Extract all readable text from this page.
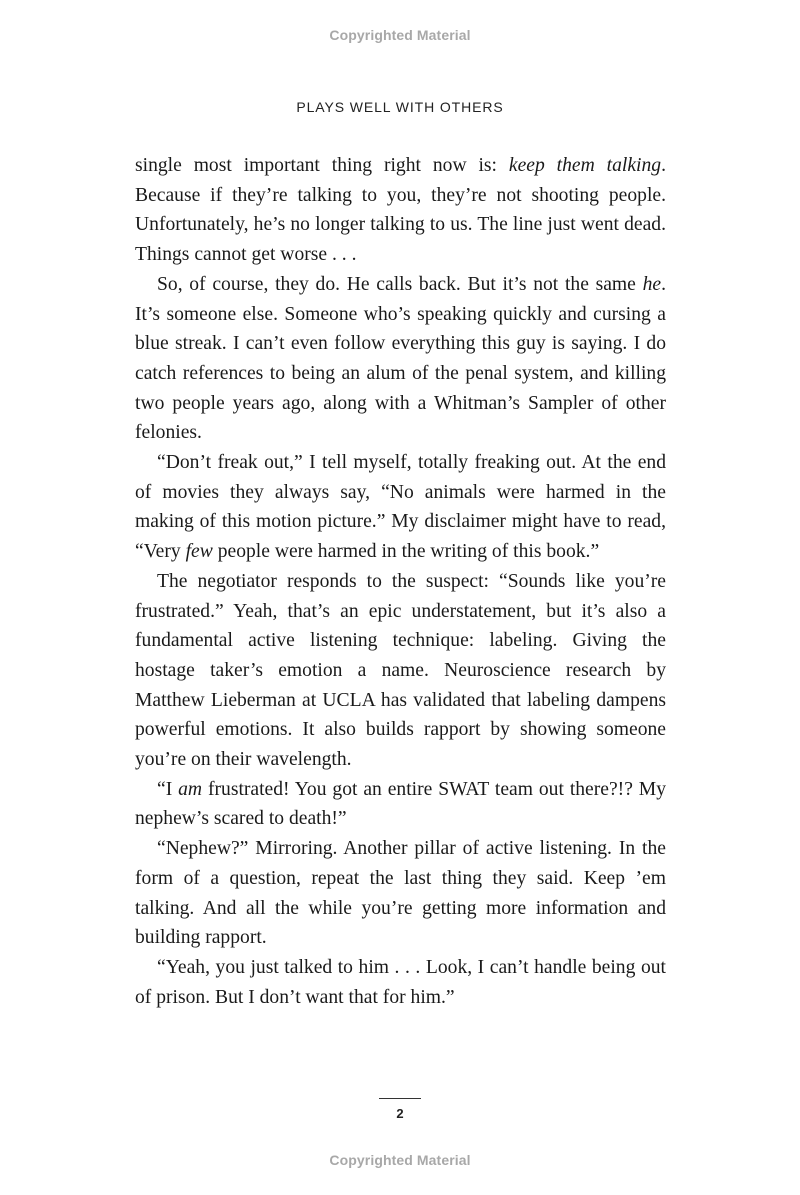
Copyrighted Material
PLAYS WELL WITH OTHERS

single most important thing right now is: keep them talking. Because if they’re talking to you, they’re not shooting people. Unfortunately, he’s no longer talking to us. The line just went dead. Things cannot get worse . . .

So, of course, they do. He calls back. But it’s not the same he. It’s someone else. Someone who’s speaking quickly and cursing a blue streak. I can’t even follow everything this guy is saying. I do catch references to being an alum of the penal system, and killing two people years ago, along with a Whitman’s Sampler of other felonies.

“Don’t freak out,” I tell myself, totally freaking out. At the end of movies they always say, “No animals were harmed in the making of this motion picture.” My disclaimer might have to read, “Very few people were harmed in the writing of this book.”

The negotiator responds to the suspect: “Sounds like you’re frustrated.” Yeah, that’s an epic understatement, but it’s also a fundamental active listening technique: labeling. Giving the hostage taker’s emotion a name. Neuroscience research by Matthew Lieberman at UCLA has validated that labeling dampens powerful emotions. It also builds rapport by showing someone you’re on their wavelength.

“I am frustrated! You got an entire SWAT team out there?!? My nephew’s scared to death!”

“Nephew?” Mirroring. Another pillar of active listening. In the form of a question, repeat the last thing they said. Keep ’em talking. And all the while you’re getting more information and building rapport.

“Yeah, you just talked to him . . . Look, I can’t handle being out of prison. But I don’t want that for him.”

2
Copyrighted Material
